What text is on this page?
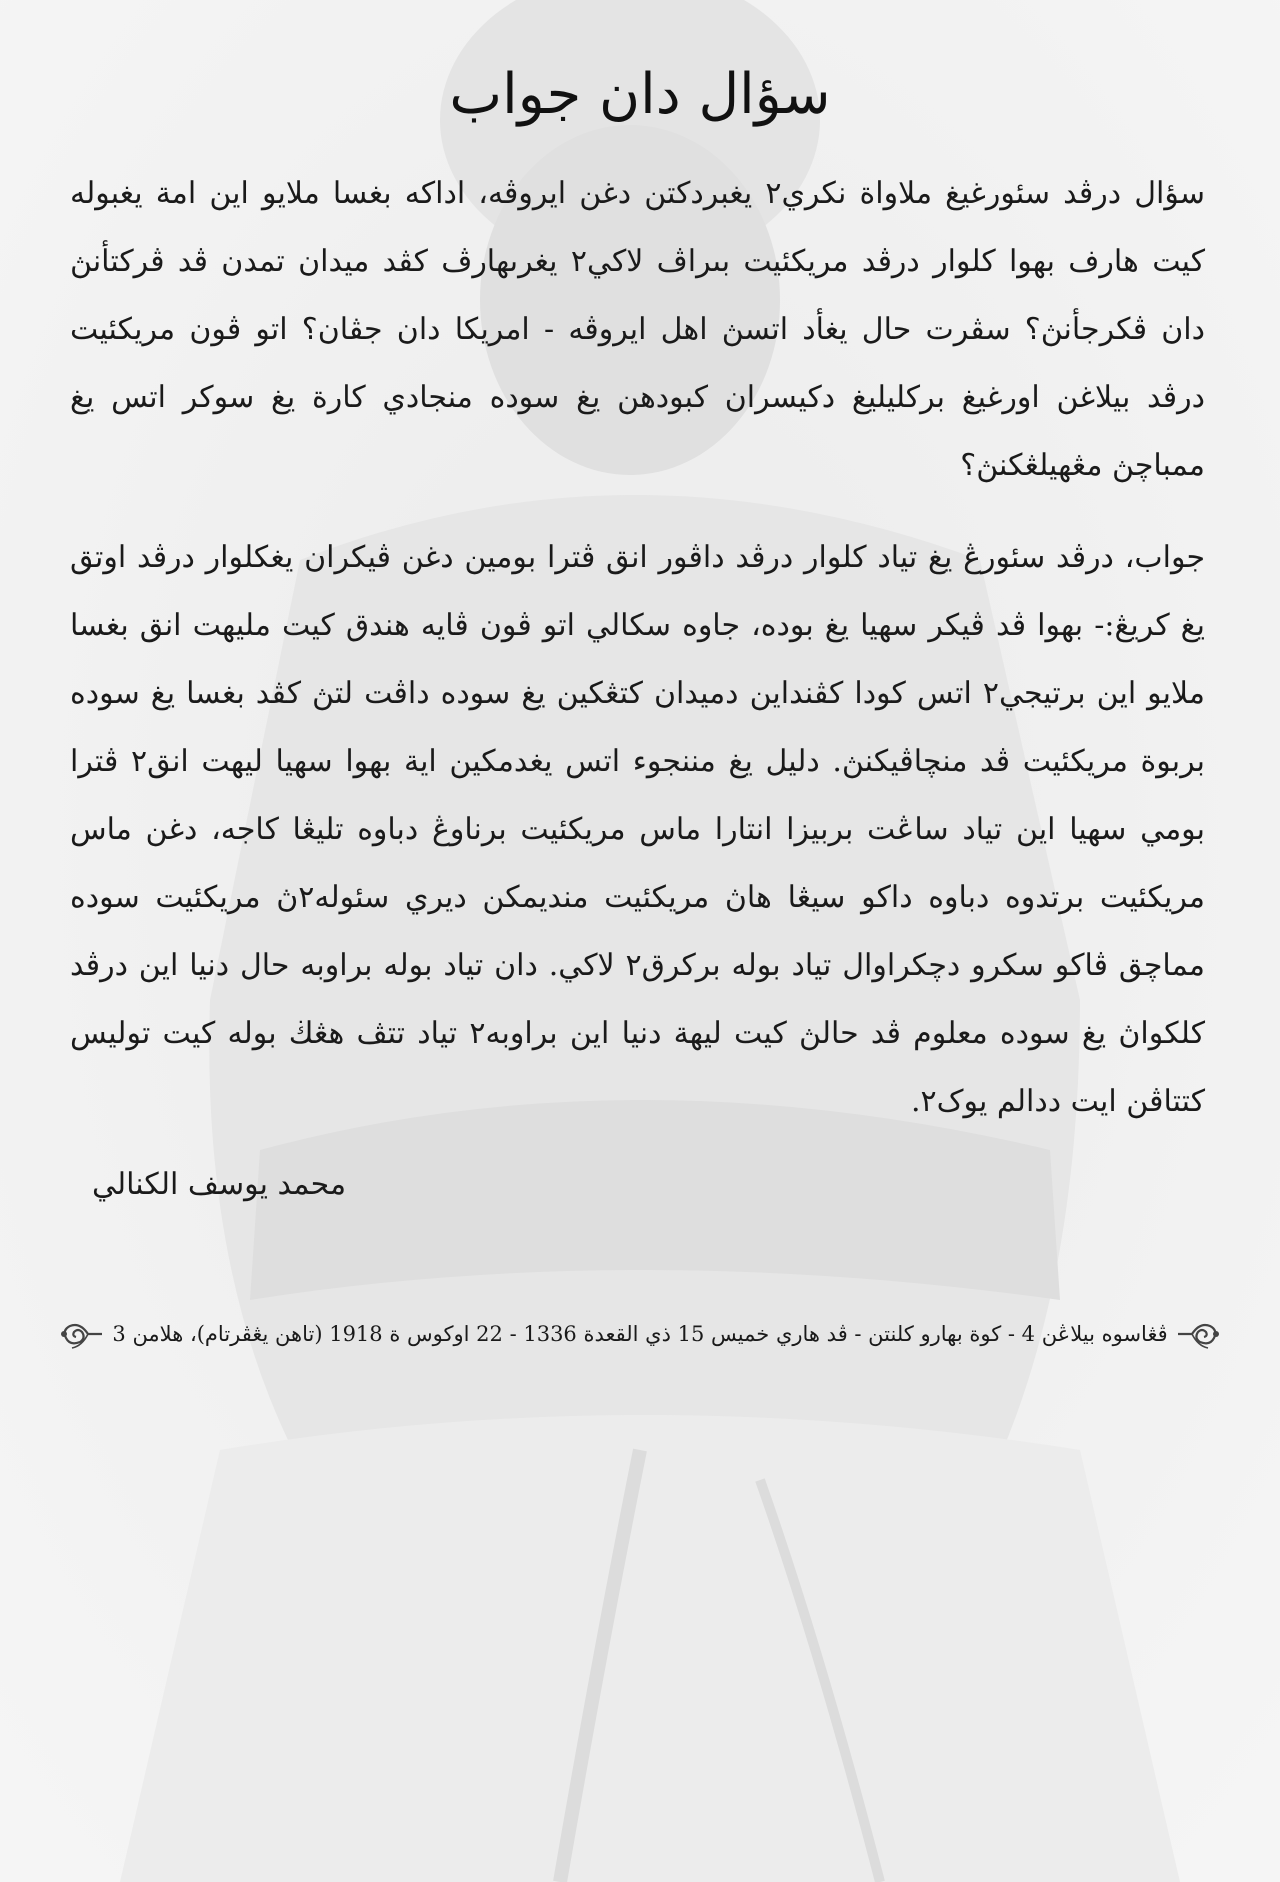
سؤال دان جواب

سؤال درڤد سئورغيغ ملاواة نكري٢ يغبردكتن دغن ايروڤه، اداكه بغسا ملايو اين امة يغبوله كيت هارف بهوا كلوار درڤد مريكئيت بىراڤ لاكي٢ يغرىهارڤ كڤد ميدان تمدن ڤد ڤركتأنڽ دان ڤكرجأنڽ؟ سڤرت حال يغأد اتسڽ اهل ايروڤه - امريكا دان جڤان؟ اتو ڤون مريكئيت درڤد بيلاغن اورغيغ بركليليغ دكيسران كبودهن يغ سوده منجادي كارة يغ سوكر اتس يغ ممباچڽ مڠهيلڠكنڽ؟

جواب، درڤد سئورڠ يغ تياد كلوار درڤد داڤور انق ڤترا بومين دغن ڤيكران يغكلوار درڤد اوتق يغ كريڠ:- بهوا ڤد ڤيكر سهيا يغ بوده، جاوه سكالي اتو ڤون ڤايه هندق كيت مليهت انق بغسا ملايو اين برتيجي٢ اتس كودا كڤنداين دميدان كتڠكين يغ سوده داڤت لتڽ كڤد بغسا يغ سوده بربوة مريكئيت ڤد منچاڤيكنڽ. دليل يغ مننجوء اتس يغدمكين اية بهوا سهيا ليهت انق٢ ڤترا بومي سهيا اين تياد ساڠت بربيزا انتارا ماس مريكئيت برناوڠ دباوه تليڠا كاجه، دغن ماس مريكئيت برتدوه دباوه داكو سيڠا هاڽ مريكئيت منديمكن ديري سئوله٢ڽ مريكئيت سوده مماچق ڤاكو سكرو دچكراوال تياد بوله بركرق٢ لاكي. دان تياد بوله براوبه حال دنيا اين درڤد كلكواڽ يغ سوده معلوم ڤد حالڽ كيت ليهة دنيا اين براوبه٢ تياد تتڤ هڠڬ بوله كيت توليس كتتاڤن ايت ددالم يوک٢.

محمد يوسف الكنالي
ڤڠاسوه بيلاڠن 4 - كوة بهارو كلنتن - ڤد هاري خميس 15 ذي القعدة 1336 - 22 اوكوس ة 1918 (تاهن يڠڤرتام)، هلامن 3
